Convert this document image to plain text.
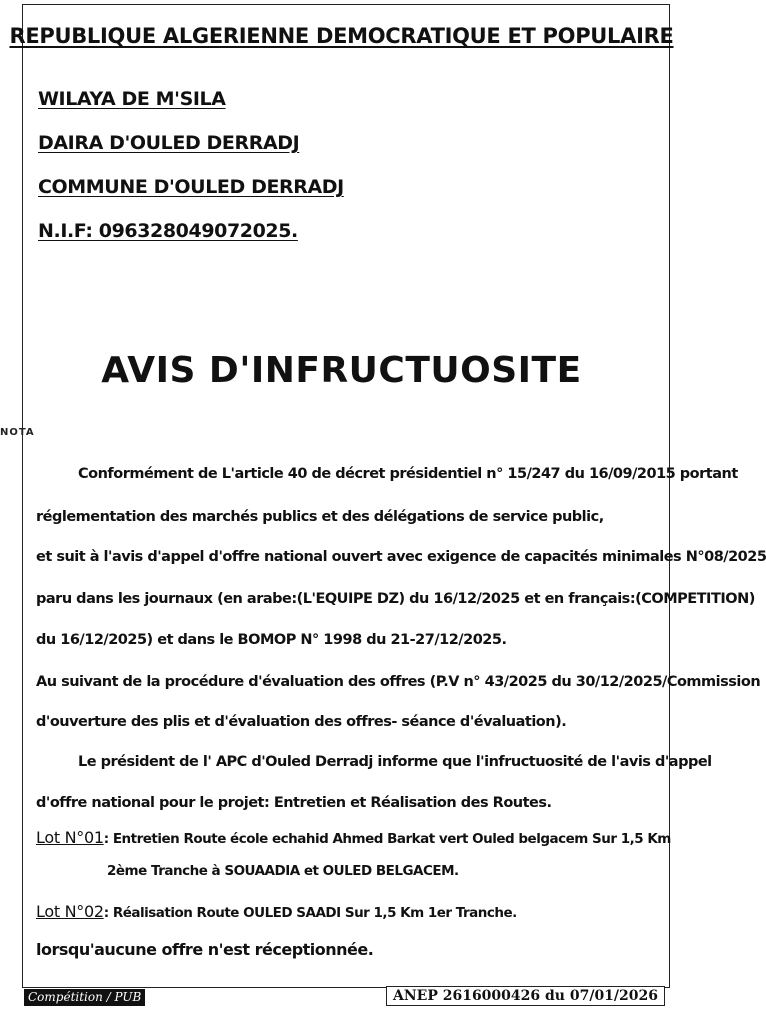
REPUBLIQUE ALGERIENNE DEMOCRATIQUE ET POPULAIRE
WILAYA DE M'SILA
DAIRA D'OULED DERRADJ
COMMUNE D'OULED DERRADJ
N.I.F: 096328049072025.
AVIS D'INFRUCTUOSITE
NOTA
Conformément de L'article 40 de décret présidentiel n° 15/247 du 16/09/2015 portant
réglementation des marchés publics et des délégations de service public,
et suit à l'avis d'appel d'offre national ouvert avec exigence de capacités minimales N°08/2025
paru dans les journaux (en arabe:(L'EQUIPE DZ) du 16/12/2025 et en français:(COMPETITION)
du 16/12/2025) et dans le BOMOP N° 1998 du 21-27/12/2025.
Au suivant de la procédure d'évaluation des offres (P.V n° 43/2025 du 30/12/2025/Commission
d'ouverture des plis et d'évaluation des offres- séance d'évaluation).
Le président de l' APC d'Ouled Derradj informe que l'infructuosité de l'avis d'appel
d'offre national pour le projet: Entretien et Réalisation des Routes.
Lot N°01: Entretien Route école echahid Ahmed Barkat vert Ouled belgacem Sur 1,5 Km
2ème Tranche à SOUAADIA et OULED BELGACEM.
Lot N°02: Réalisation Route OULED SAADI Sur 1,5 Km 1er Tranche.
lorsqu'aucune offre n'est réceptionnée.
Compétition / PUB	ANEP 2616000426 du 07/01/2026
